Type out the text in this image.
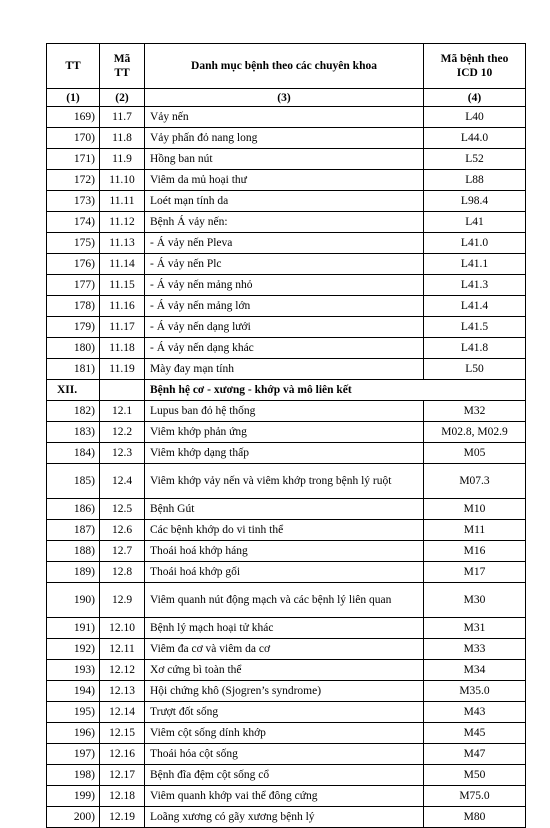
TT	Mã TT	Danh mục bệnh theo các chuyên khoa	Mã bệnh theo ICD 10
(1)	(2)	(3)	(4)
169)	11.7	Vảy nến	L40
170)	11.8	Vảy phấn đỏ nang long	L44.0
171)	11.9	Hồng ban nút	L52
172)	11.10	Viêm da mủ hoại thư	L88
173)	11.11	Loét mạn tính da	L98.4
174)	11.12	Bệnh Á vảy nến:	L41
175)	11.13	- Á vảy nến Pleva	L41.0
176)	11.14	- Á vảy nến Plc	L41.1
177)	11.15	- Á vảy nến mảng nhỏ	L41.3
178)	11.16	- Á vảy nến mảng lớn	L41.4
179)	11.17	- Á vảy nến dạng lưới	L41.5
180)	11.18	- Á vảy nến dạng khác	L41.8
181)	11.19	Mày đay mạn tính	L50
XII.		Bệnh hệ cơ - xương - khớp và mô liên kết	
182)	12.1	Lupus ban đỏ hệ thống	M32
183)	12.2	Viêm khớp phản ứng	M02.8, M02.9
184)	12.3	Viêm khớp dạng thấp	M05
185)	12.4	Viêm khớp vảy nến và viêm khớp trong bệnh lý ruột	M07.3
186)	12.5	Bệnh Gút	M10
187)	12.6	Các bệnh khớp do vi tinh thể	M11
188)	12.7	Thoái hoá khớp háng	M16
189)	12.8	Thoái hoá khớp gối	M17
190)	12.9	Viêm quanh nút động mạch và các bệnh lý liên quan	M30
191)	12.10	Bệnh lý mạch hoại tử khác	M31
192)	12.11	Viêm đa cơ và viêm da cơ	M33
193)	12.12	Xơ cứng bì toàn thể	M34
194)	12.13	Hội chứng khô (Sjogren’s syndrome)	M35.0
195)	12.14	Trượt đốt sống	M43
196)	12.15	Viêm cột sống dính khớp	M45
197)	12.16	Thoái hóa cột sống	M47
198)	12.17	Bệnh đĩa đệm cột sống cổ	M50
199)	12.18	Viêm quanh khớp vai thể đông cứng	M75.0
200)	12.19	Loãng xương có gãy xương bệnh lý	M80
